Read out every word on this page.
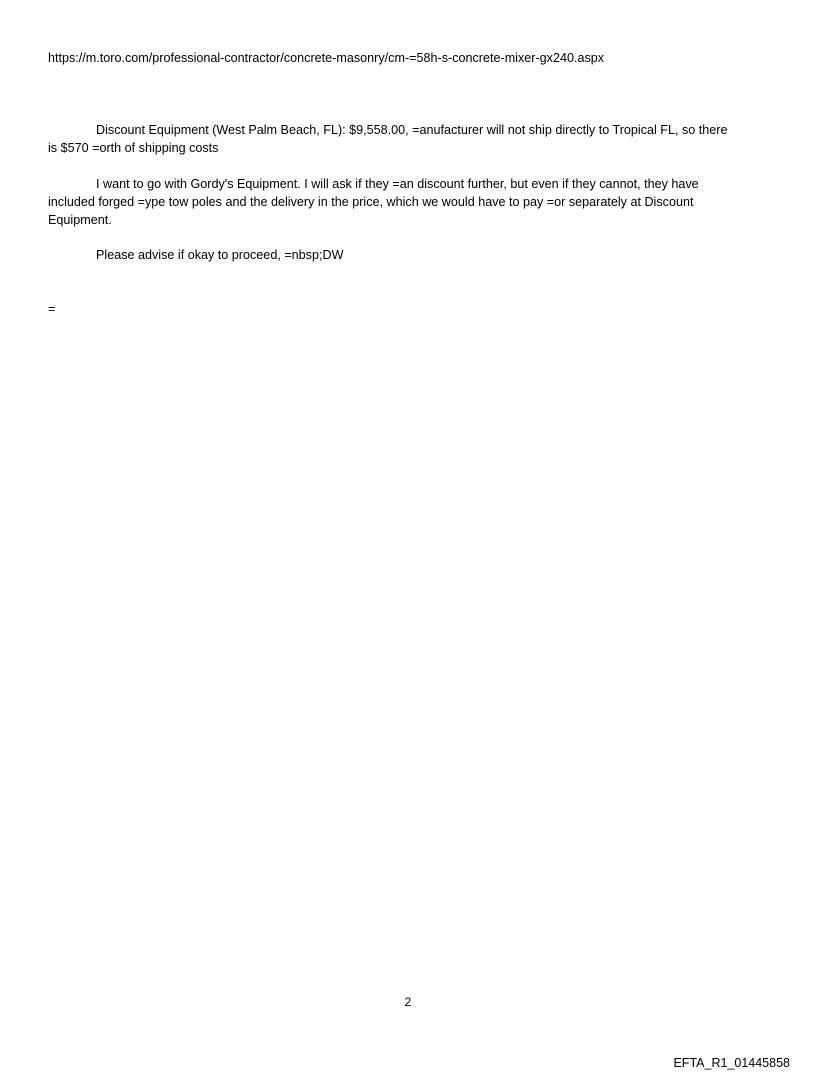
https://m.toro.com/professional-contractor/concrete-masonry/cm-=58h-s-concrete-mixer-gx240.aspx
Discount Equipment (West Palm Beach, FL): $9,558.00, =anufacturer will not ship directly to Tropical FL, so there
is $570 =orth of shipping costs
I want to go with Gordy's Equipment. I will ask if they =an discount further, but even if they cannot, they have
included forged =ype tow poles and the delivery in the price, which we would have to pay =or separately at Discount
Equipment.
Please advise if okay to proceed, =nbsp;DW
=
2
EFTA_R1_01445858
